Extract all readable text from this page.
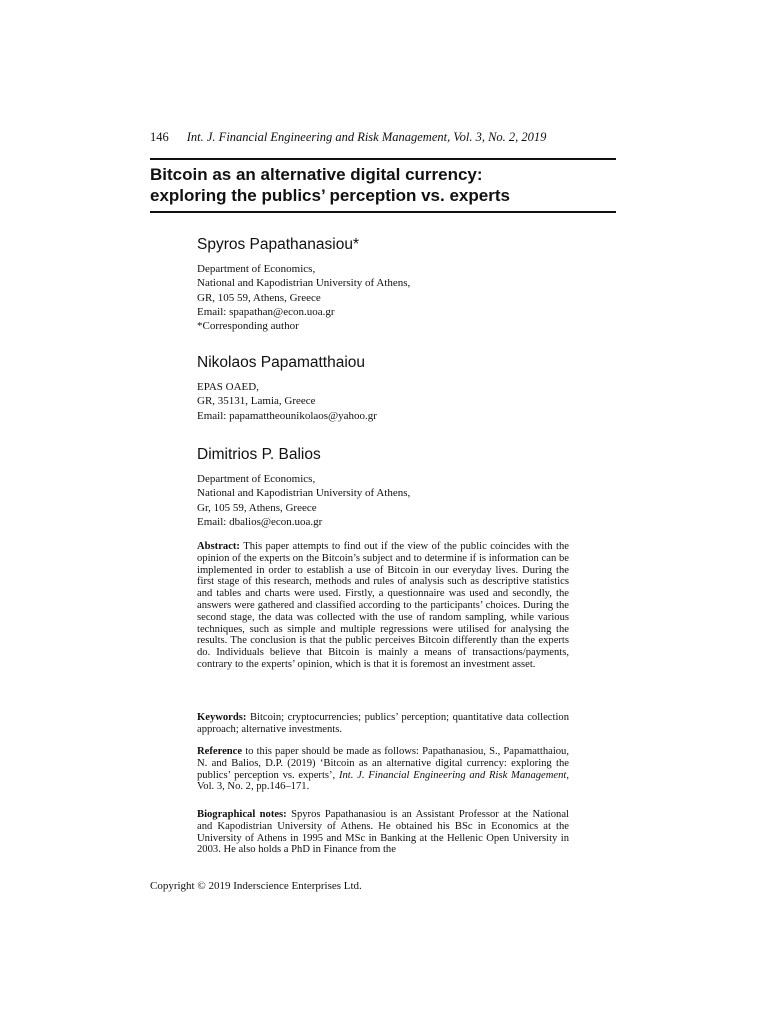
146 Int. J. Financial Engineering and Risk Management, Vol. 3, No. 2, 2019
Bitcoin as an alternative digital currency:
exploring the publics’ perception vs. experts
Spyros Papathanasiou*
Department of Economics,
National and Kapodistrian University of Athens,
GR, 105 59, Athens, Greece
Email: spapathan@econ.uoa.gr
*Corresponding author
Nikolaos Papamatthaiou
EPAS OAED,
GR, 35131, Lamia, Greece
Email: papamattheounikolaos@yahoo.gr
Dimitrios P. Balios
Department of Economics,
National and Kapodistrian University of Athens,
Gr, 105 59, Athens, Greece
Email: dbalios@econ.uoa.gr
Abstract: This paper attempts to find out if the view of the public coincides with the opinion of the experts on the Bitcoin’s subject and to determine if is information can be implemented in order to establish a use of Bitcoin in our everyday lives. During the first stage of this research, methods and rules of analysis such as descriptive statistics and tables and charts were used. Firstly, a questionnaire was used and secondly, the answers were gathered and classified according to the participants’ choices. During the second stage, the data was collected with the use of random sampling, while various techniques, such as simple and multiple regressions were utilised for analysing the results. The conclusion is that the public perceives Bitcoin differently than the experts do. Individuals believe that Bitcoin is mainly a means of transactions/payments, contrary to the experts’ opinion, which is that it is foremost an investment asset.
Keywords: Bitcoin; cryptocurrencies; publics’ perception; quantitative data collection approach; alternative investments.
Reference to this paper should be made as follows: Papathanasiou, S., Papamatthaiou, N. and Balios, D.P. (2019) ‘Bitcoin as an alternative digital currency: exploring the publics’ perception vs. experts’, Int. J. Financial Engineering and Risk Management, Vol. 3, No. 2, pp.146–171.
Biographical notes: Spyros Papathanasiou is an Assistant Professor at the National and Kapodistrian University of Athens. He obtained his BSc in Economics at the University of Athens in 1995 and MSc in Banking at the Hellenic Open University in 2003. He also holds a PhD in Finance from the
Copyright © 2019 Inderscience Enterprises Ltd.
